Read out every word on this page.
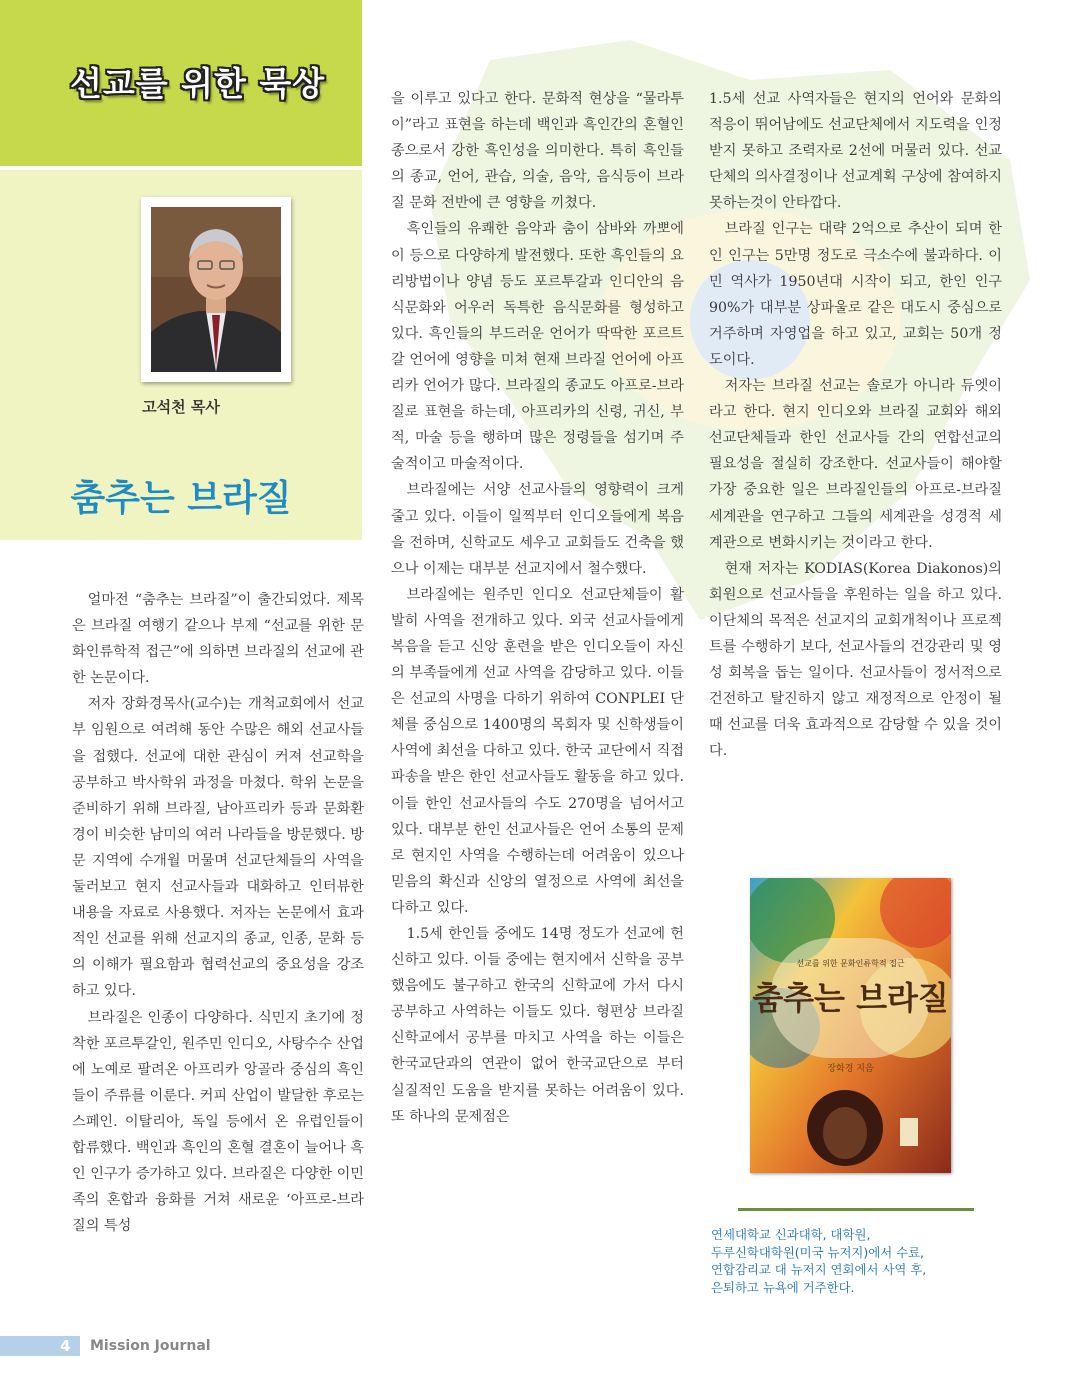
선교를 위한 묵상
고석천 목사
춤추는 브라질

얼마전 “춤추는 브라질”이 출간되었다. 제목은 브라질 여행기 같으나 부제 “선교를 위한 문화인류학적 접근”에 의하면 브라질의 선교에 관한 논문이다.

저자 장화경목사(교수)는 개척교회에서 선교부 임원으로 여려해 동안 수많은 해외 선교사들을 접했다. 선교에 대한 관심이 커져 선교학을 공부하고 박사학위 과정을 마쳤다. 학위 논문을 준비하기 위해 브라질, 남아프리카 등과 문화환경이 비슷한 남미의 여러 나라들을 방문했다. 방문 지역에 수개월 머물며 선교단체들의 사역을 둘러보고 현지 선교사들과 대화하고 인터뷰한 내용을 자료로 사용했다. 저자는 논문에서 효과적인 선교를 위해 선교지의 종교, 인종, 문화 등의 이해가 필요함과 협력선교의 중요성을 강조하고 있다.

브라질은 인종이 다양하다. 식민지 초기에 정착한 포르투갈인, 원주민 인디오, 사탕수수 산업에 노예로 팔려온 아프리카 앙골라 중심의 흑인들이 주류를 이룬다. 커피 산업이 발달한 후로는 스페인. 이탈리아, 독일 등에서 온 유럽인들이 합류했다. 백인과 흑인의 혼혈 결혼이 늘어나 흑인 인구가 증가하고 있다. 브라질은 다양한 이민족의 혼합과 융화를 거쳐 새로운 ‘아프로-브라질의 특성

을 이루고 있다고 한다. 문화적 현상을 “물라투이”라고 표현을 하는데 백인과 흑인간의 혼혈인종으로서 강한 흑인성을 의미한다. 특히 흑인들의 종교, 언어, 관습, 의술, 음악, 음식등이 브라질 문화 전반에 큰 영향을 끼쳤다.

흑인들의 유쾌한 음악과 춤이 삼바와 까뽀에이 등으로 다양하게 발전했다. 또한 흑인들의 요리방법이나 양념 등도 포르투갈과 인디안의 음식문화와 어우러 독특한 음식문화를 형성하고 있다. 흑인들의 부드러운 언어가 딱딱한 포르트갈 언어에 영향을 미쳐 현재 브라질 언어에 아프리카 언어가 많다. 브라질의 종교도 아프로-브라질로 표현을 하는데, 아프리카의 신령, 귀신, 부적, 마술 등을 행하며 많은 정령들을 섬기며 주술적이고 마술적이다.

브라질에는 서양 선교사들의 영향력이 크게 줄고 있다. 이들이 일찍부터 인디오들에게 복음을 전하며, 신학교도 세우고 교회들도 건축을 했으나 이제는 대부분 선교지에서 철수했다.

브라질에는 원주민 인디오 선교단체들이 활발히 사역을 전개하고 있다. 외국 선교사들에게 복음을 듣고 신앙 훈련을 받은 인디오들이 자신의 부족들에게 선교 사역을 감당하고 있다. 이들은 선교의 사명을 다하기 위하여 CONPLEI 단체를 중심으로 1400명의 목회자 및 신학생들이 사역에 최선을 다하고 있다. 한국 교단에서 직접 파송을 받은 한인 선교사들도 활동을 하고 있다. 이들 한인 선교사들의 수도 270명을 넘어서고 있다. 대부분 한인 선교사들은 언어 소통의 문제로 현지인 사역을 수행하는데 어려움이 있으나 믿음의 확신과 신앙의 열정으로 사역에 최선을 다하고 있다.

1.5세 한인들 중에도 14명 정도가 선교에 헌신하고 있다. 이들 중에는 현지에서 신학을 공부했음에도 불구하고 한국의 신학교에 가서 다시 공부하고 사역하는 이들도 있다. 형편상 브라질 신학교에서 공부를 마치고 사역을 하는 이들은 한국교단과의 연관이 없어 한국교단으로 부터 실질적인 도움을 받지를 못하는 어려움이 있다. 또 하나의 문제점은

1.5세 선교 사역자들은 현지의 언어와 문화의 적응이 뛰어남에도 선교단체에서 지도력을 인정받지 못하고 조력자로 2선에 머물러 있다. 선교단체의 의사결정이나 선교계획 구상에 참여하지 못하는것이 안타깝다.

브라질 인구는 대략 2억으로 추산이 되며 한인 인구는 5만명 정도로 극소수에 불과하다. 이민 역사가 1950년대 시작이 되고, 한인 인구 90%가 대부분 상파울로 같은 대도시 중심으로 거주하며 자영업을 하고 있고, 교회는 50개 정도이다.

저자는 브라질 선교는 솔로가 아니라 듀엣이라고 한다. 현지 인디오와 브라질 교회와 해외 선교단체들과 한인 선교사들 간의 연합선교의 필요성을 절실히 강조한다. 선교사들이 해야할 가장 중요한 일은 브라질인들의 아프로-브라질 세계관을 연구하고 그들의 세계관을 성경적 세계관으로 변화시키는 것이라고 한다.

현재 저자는 KODIAS(Korea Diakonos)의 회원으로 선교사들을 후원하는 일을 하고 있다. 이단체의 목적은 선교지의 교회개척이나 프로젝트를 수행하기 보다, 선교사들의 건강관리 및 영성 회복을 돕는 일이다. 선교사들이 정서적으로 건전하고 탈진하지 않고 재정적으로 안정이 될 때 선교를 더욱 효과적으로 감당할 수 있을 것이다.

선교를 위한 문화인류학적 접근
춤추는 브라질
장화경 지음
연세대학교 신과대학, 대학원,
두루신학대학원(미국 뉴저지)에서 수료,
연합감리교 대 뉴저지 연회에서 사역 후,
은퇴하고 뉴욕에 거주한다.
4 Mission Journal
